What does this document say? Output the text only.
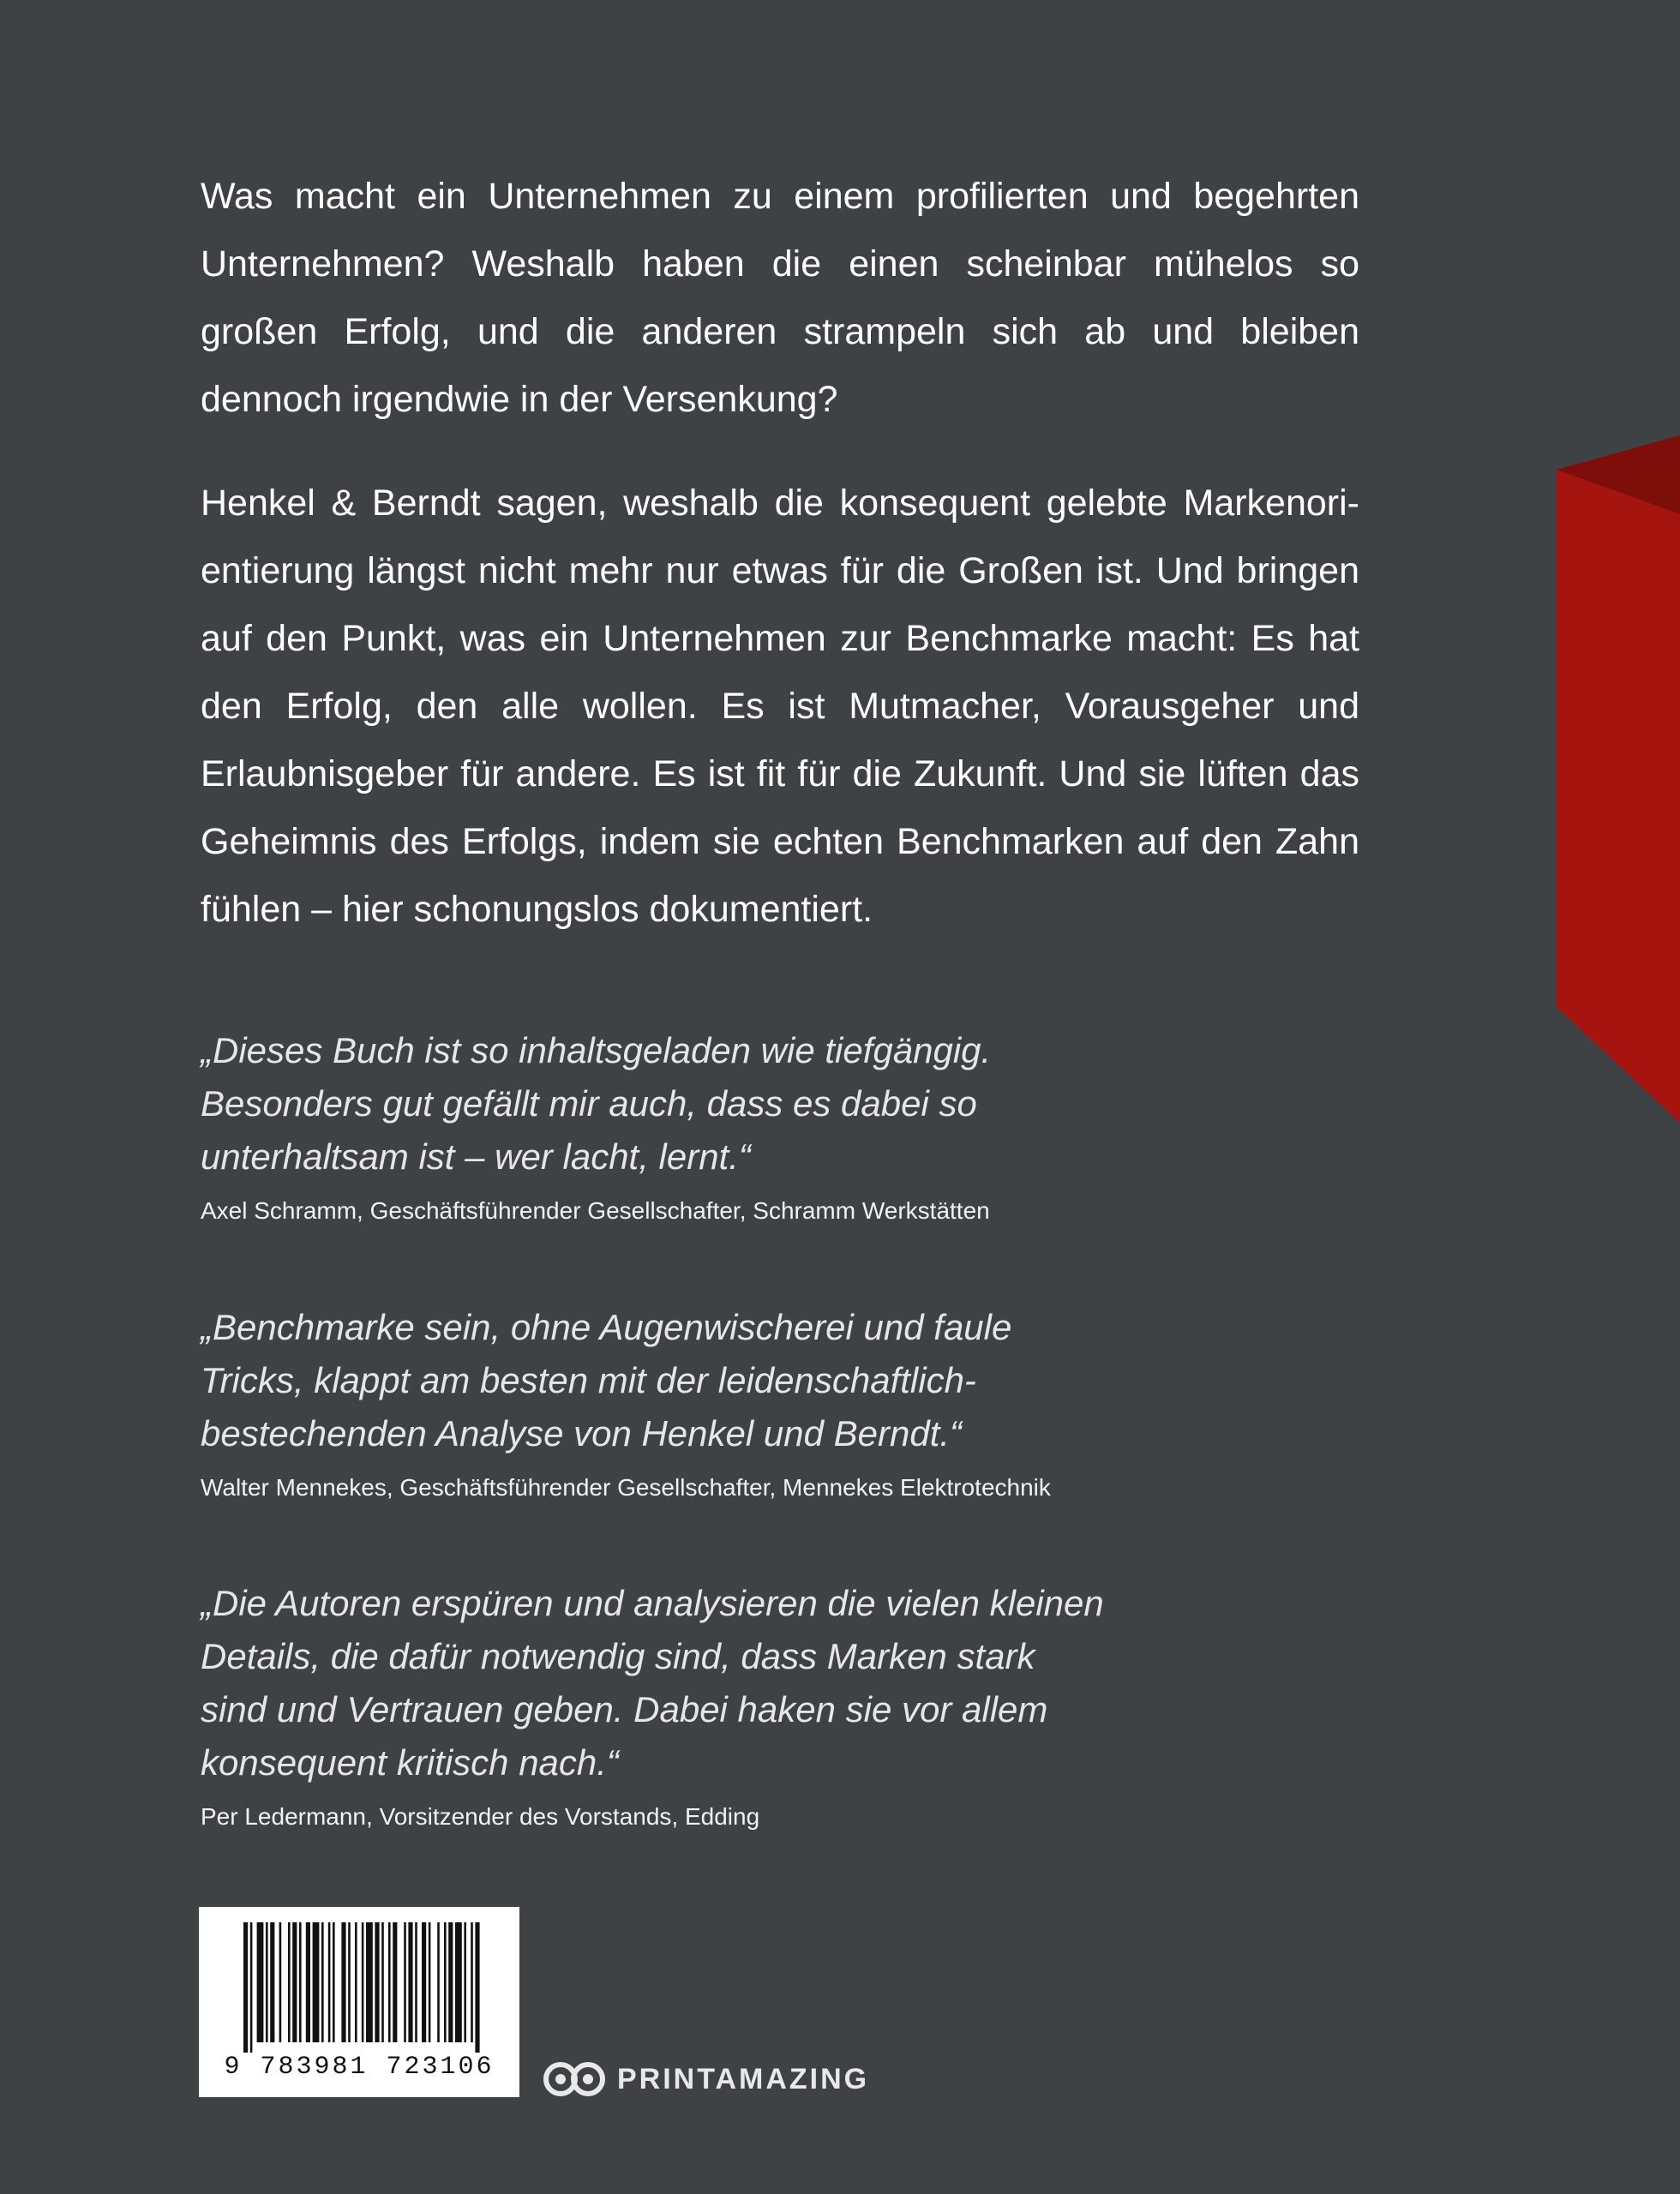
Was macht ein Unternehmen zu einem profilierten und begehrten Unternehmen? Weshalb haben die einen scheinbar mühelos so großen Erfolg, und die anderen strampeln sich ab und bleiben dennoch irgendwie in der Versenkung?

Henkel & Berndt sagen, weshalb die konsequent gelebte Markenorientierung längst nicht mehr nur etwas für die Großen ist. Und bringen auf den Punkt, was ein Unternehmen zur Benchmarke macht: Es hat den Erfolg, den alle wollen. Es ist Mutmacher, Vorausgeher und Erlaubnisgeber für andere. Es ist fit für die Zukunft. Und sie lüften das Geheimnis des Erfolgs, indem sie echten Benchmarken auf den Zahn fühlen – hier schonungslos dokumentiert.

„Dieses Buch ist so inhaltsgeladen wie tiefgängig.
Besonders gut gefällt mir auch, dass es dabei so
unterhaltsam ist – wer lacht, lernt.“

Axel Schramm, Geschäftsführender Gesellschafter, Schramm Werkstätten

„Benchmarke sein, ohne Augenwischerei und faule
Tricks, klappt am besten mit der leidenschaftlich-
bestechenden Analyse von Henkel und Berndt.“

Walter Mennekes, Geschäftsführender Gesellschafter, Mennekes Elektrotechnik

„Die Autoren erspüren und analysieren die vielen kleinen
Details, die dafür notwendig sind, dass Marken stark
sind und Vertrauen geben. Dabei haken sie vor allem
konsequent kritisch nach.“

Per Ledermann, Vorsitzender des Vorstands, Edding

9 783981 723106	PRINTAMAZING
